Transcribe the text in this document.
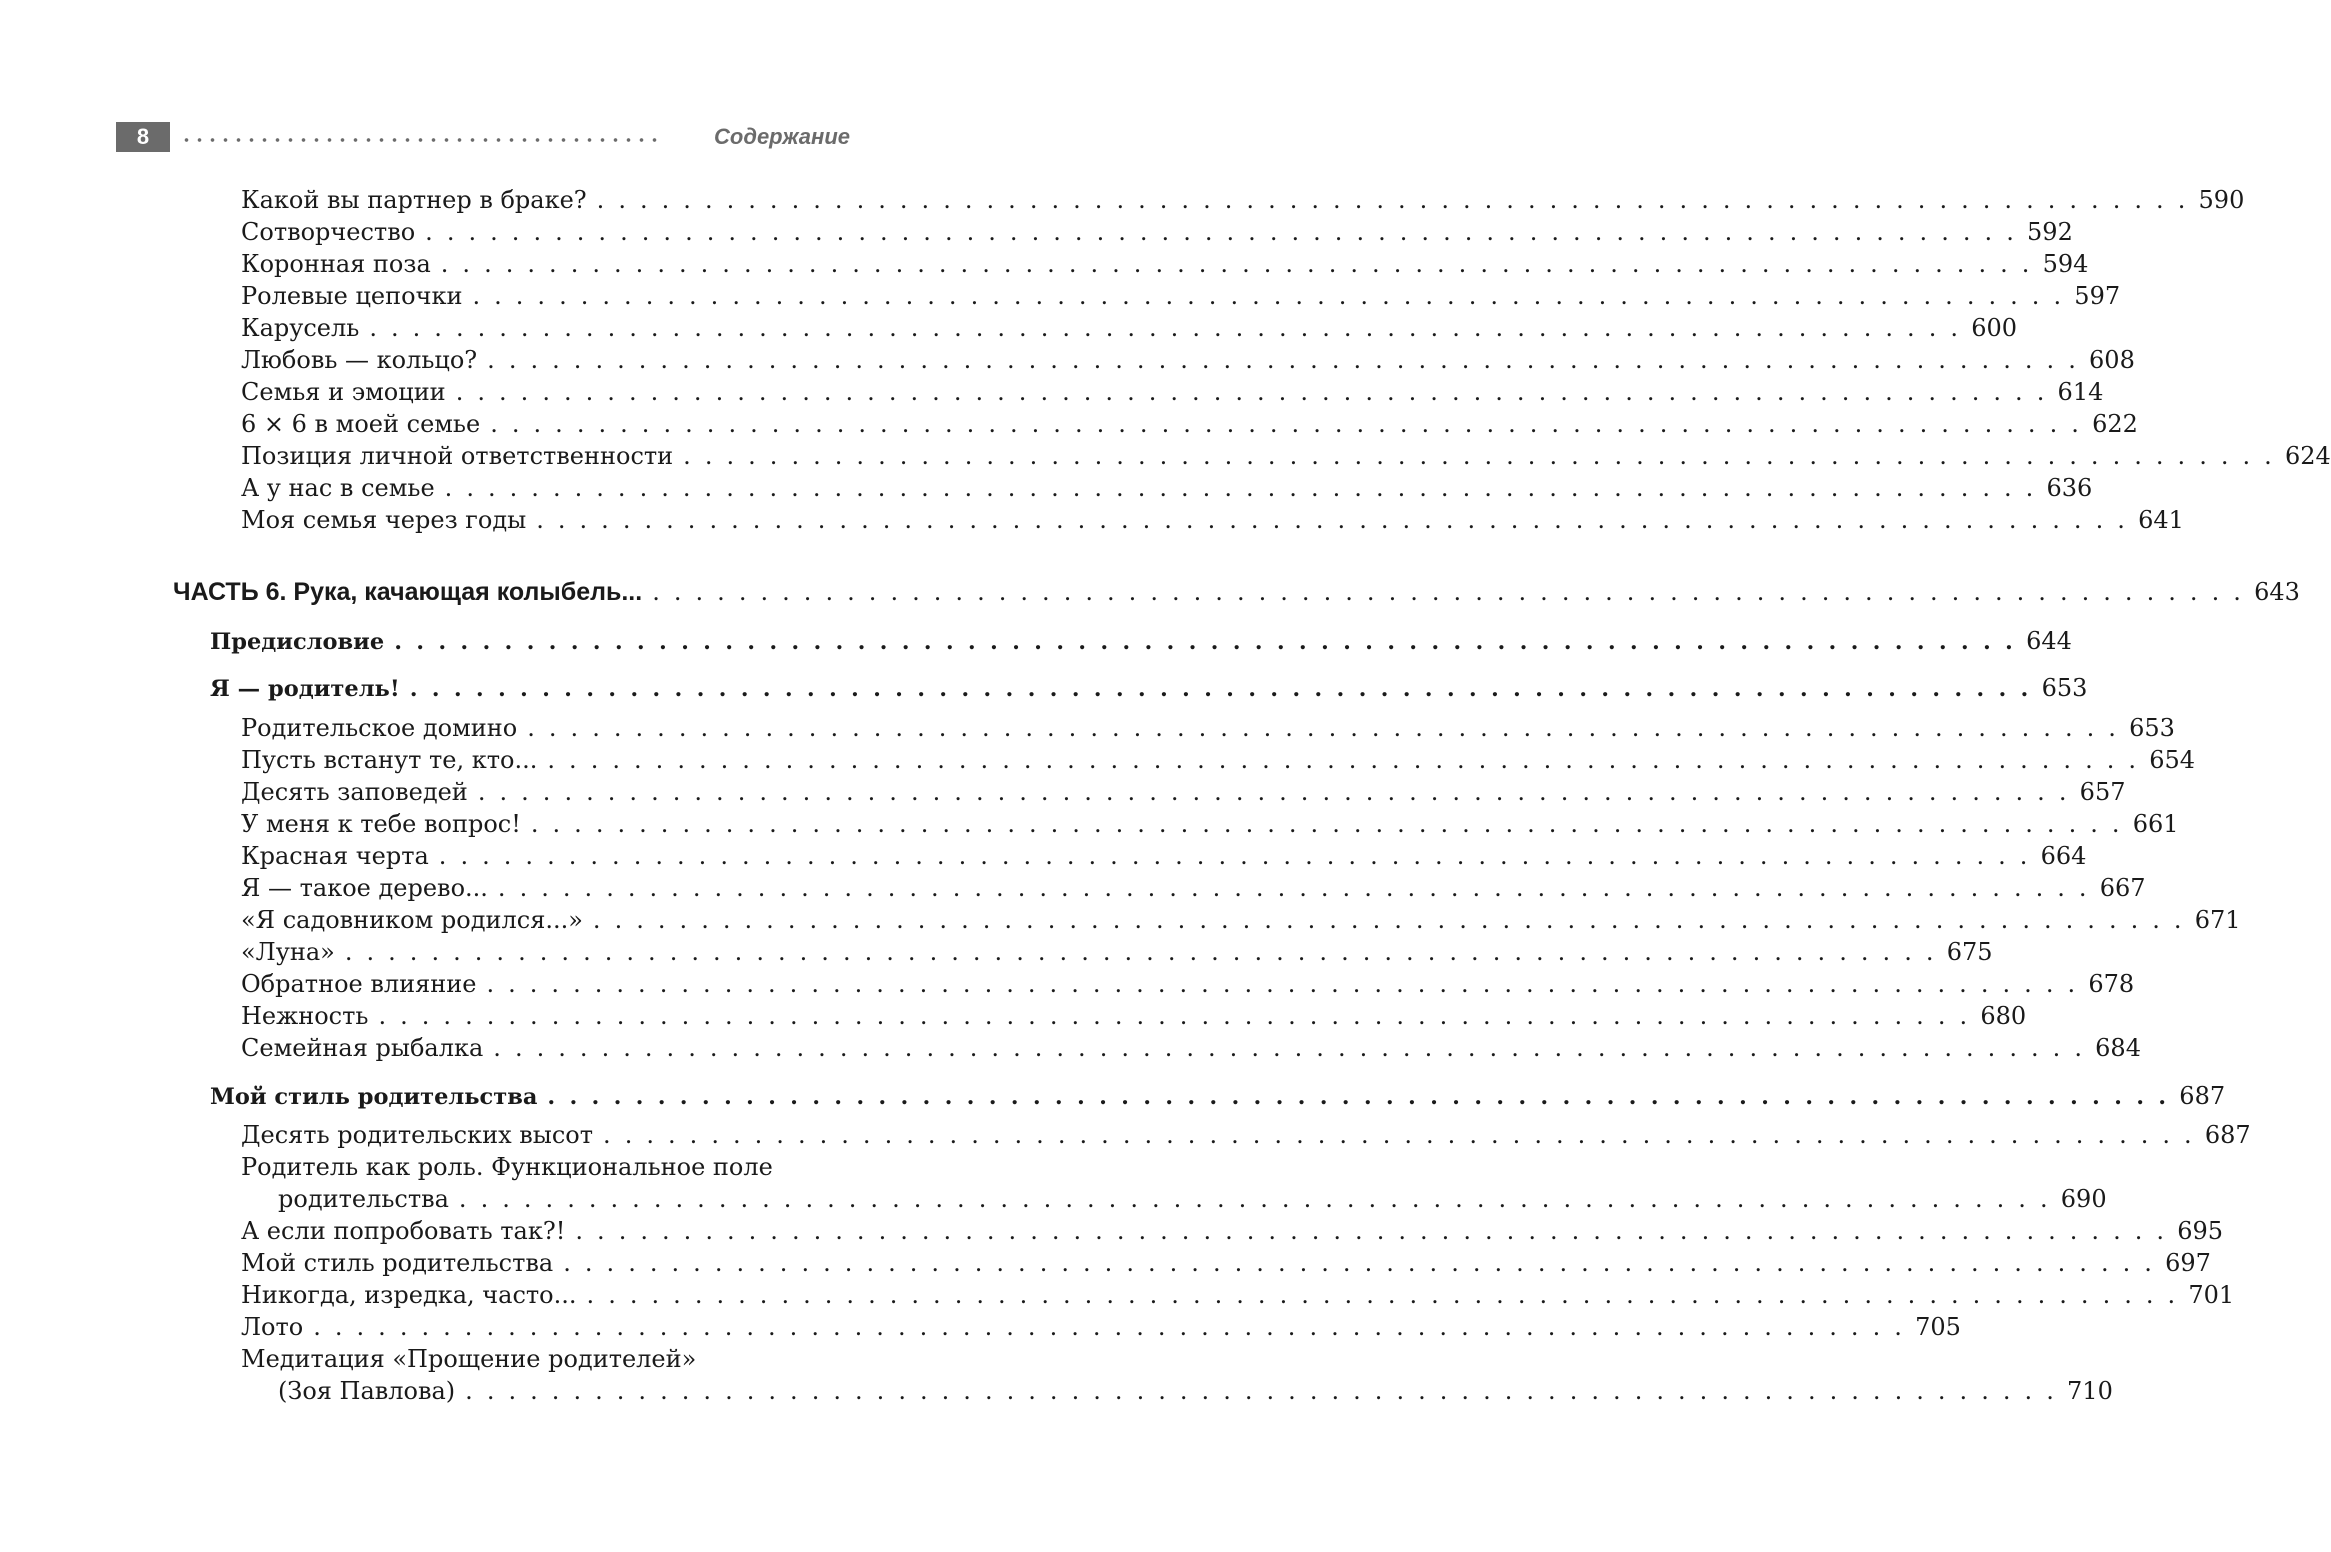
8	Содержание
Какой вы партнер в браке? . . . . . . . . . . . . . . . . . . . . . . . . . . . . . . . . . . . . . . . . . . . . . . . . . . . . . . . . . . . . . . . . . . . . . . . . . . 590
Сотворчество . . . . . . . . . . . . . . . . . . . . . . . . . . . . . . . . . . . . . . . . . . . . . . . . . . . . . . . . . . . . . . . . . . . . . . . . . . 592
Коронная поза . . . . . . . . . . . . . . . . . . . . . . . . . . . . . . . . . . . . . . . . . . . . . . . . . . . . . . . . . . . . . . . . . . . . . . . . . . 594
Ролевые цепочки . . . . . . . . . . . . . . . . . . . . . . . . . . . . . . . . . . . . . . . . . . . . . . . . . . . . . . . . . . . . . . . . . . . . . . . . . . 597
Карусель . . . . . . . . . . . . . . . . . . . . . . . . . . . . . . . . . . . . . . . . . . . . . . . . . . . . . . . . . . . . . . . . . . . . . . . . . . 600
Любовь — кольцо? . . . . . . . . . . . . . . . . . . . . . . . . . . . . . . . . . . . . . . . . . . . . . . . . . . . . . . . . . . . . . . . . . . . . . . . . . . 608
Семья и эмоции . . . . . . . . . . . . . . . . . . . . . . . . . . . . . . . . . . . . . . . . . . . . . . . . . . . . . . . . . . . . . . . . . . . . . . . . . . 614
6 × 6 в моей семье . . . . . . . . . . . . . . . . . . . . . . . . . . . . . . . . . . . . . . . . . . . . . . . . . . . . . . . . . . . . . . . . . . . . . . . . . . 622
Позиция личной ответственности . . . . . . . . . . . . . . . . . . . . . . . . . . . . . . . . . . . . . . . . . . . . . . . . . . . . . . . . . . . . . . . . . . . . . . . . . . 624
А у нас в семье . . . . . . . . . . . . . . . . . . . . . . . . . . . . . . . . . . . . . . . . . . . . . . . . . . . . . . . . . . . . . . . . . . . . . . . . . . 636
Моя семья через годы . . . . . . . . . . . . . . . . . . . . . . . . . . . . . . . . . . . . . . . . . . . . . . . . . . . . . . . . . . . . . . . . . . . . . . . . . . 641
ЧАСТЬ 6. Рука, качающая колыбель... . . . . . . . . . . . . . . . . . . . . . . . . . . . . . . . . . . . . . . . . . . . . . . . . . . . . . . . . . . . . . . . . . . . . . . . . . . 643
Предисловие . . . . . . . . . . . . . . . . . . . . . . . . . . . . . . . . . . . . . . . . . . . . . . . . . . . . . . . . . . . . . . . . . . . . . . . . . . 644
Я — родитель! . . . . . . . . . . . . . . . . . . . . . . . . . . . . . . . . . . . . . . . . . . . . . . . . . . . . . . . . . . . . . . . . . . . . . . . . . . 653
Родительское домино . . . . . . . . . . . . . . . . . . . . . . . . . . . . . . . . . . . . . . . . . . . . . . . . . . . . . . . . . . . . . . . . . . . . . . . . . . 653
Пусть встанут те, кто... . . . . . . . . . . . . . . . . . . . . . . . . . . . . . . . . . . . . . . . . . . . . . . . . . . . . . . . . . . . . . . . . . . . . . . . . . . 654
Десять заповедей . . . . . . . . . . . . . . . . . . . . . . . . . . . . . . . . . . . . . . . . . . . . . . . . . . . . . . . . . . . . . . . . . . . . . . . . . . 657
У меня к тебе вопрос! . . . . . . . . . . . . . . . . . . . . . . . . . . . . . . . . . . . . . . . . . . . . . . . . . . . . . . . . . . . . . . . . . . . . . . . . . . 661
Красная черта . . . . . . . . . . . . . . . . . . . . . . . . . . . . . . . . . . . . . . . . . . . . . . . . . . . . . . . . . . . . . . . . . . . . . . . . . . 664
Я — такое дерево... . . . . . . . . . . . . . . . . . . . . . . . . . . . . . . . . . . . . . . . . . . . . . . . . . . . . . . . . . . . . . . . . . . . . . . . . . . 667
«Я садовником родился...» . . . . . . . . . . . . . . . . . . . . . . . . . . . . . . . . . . . . . . . . . . . . . . . . . . . . . . . . . . . . . . . . . . . . . . . . . . 671
«Луна» . . . . . . . . . . . . . . . . . . . . . . . . . . . . . . . . . . . . . . . . . . . . . . . . . . . . . . . . . . . . . . . . . . . . . . . . . . 675
Обратное влияние . . . . . . . . . . . . . . . . . . . . . . . . . . . . . . . . . . . . . . . . . . . . . . . . . . . . . . . . . . . . . . . . . . . . . . . . . . 678
Нежность . . . . . . . . . . . . . . . . . . . . . . . . . . . . . . . . . . . . . . . . . . . . . . . . . . . . . . . . . . . . . . . . . . . . . . . . . . 680
Семейная рыбалка . . . . . . . . . . . . . . . . . . . . . . . . . . . . . . . . . . . . . . . . . . . . . . . . . . . . . . . . . . . . . . . . . . . . . . . . . . 684
Мой стиль родительства . . . . . . . . . . . . . . . . . . . . . . . . . . . . . . . . . . . . . . . . . . . . . . . . . . . . . . . . . . . . . . . . . . . . . . . . . . 687
Десять родительских высот . . . . . . . . . . . . . . . . . . . . . . . . . . . . . . . . . . . . . . . . . . . . . . . . . . . . . . . . . . . . . . . . . . . . . . . . . . 687
Родитель как роль. Функциональное поле
родительства . . . . . . . . . . . . . . . . . . . . . . . . . . . . . . . . . . . . . . . . . . . . . . . . . . . . . . . . . . . . . . . . . . . . . . . . . . 690
А если попробовать так?! . . . . . . . . . . . . . . . . . . . . . . . . . . . . . . . . . . . . . . . . . . . . . . . . . . . . . . . . . . . . . . . . . . . . . . . . . . 695
Мой стиль родительства . . . . . . . . . . . . . . . . . . . . . . . . . . . . . . . . . . . . . . . . . . . . . . . . . . . . . . . . . . . . . . . . . . . . . . . . . . 697
Никогда, изредка, часто... . . . . . . . . . . . . . . . . . . . . . . . . . . . . . . . . . . . . . . . . . . . . . . . . . . . . . . . . . . . . . . . . . . . . . . . . . . 701
Лото . . . . . . . . . . . . . . . . . . . . . . . . . . . . . . . . . . . . . . . . . . . . . . . . . . . . . . . . . . . . . . . . . . . . . . . . . . 705
Медитация «Прощение родителей»
(Зоя Павлова) . . . . . . . . . . . . . . . . . . . . . . . . . . . . . . . . . . . . . . . . . . . . . . . . . . . . . . . . . . . . . . . . . . . . . . . . . . 710
